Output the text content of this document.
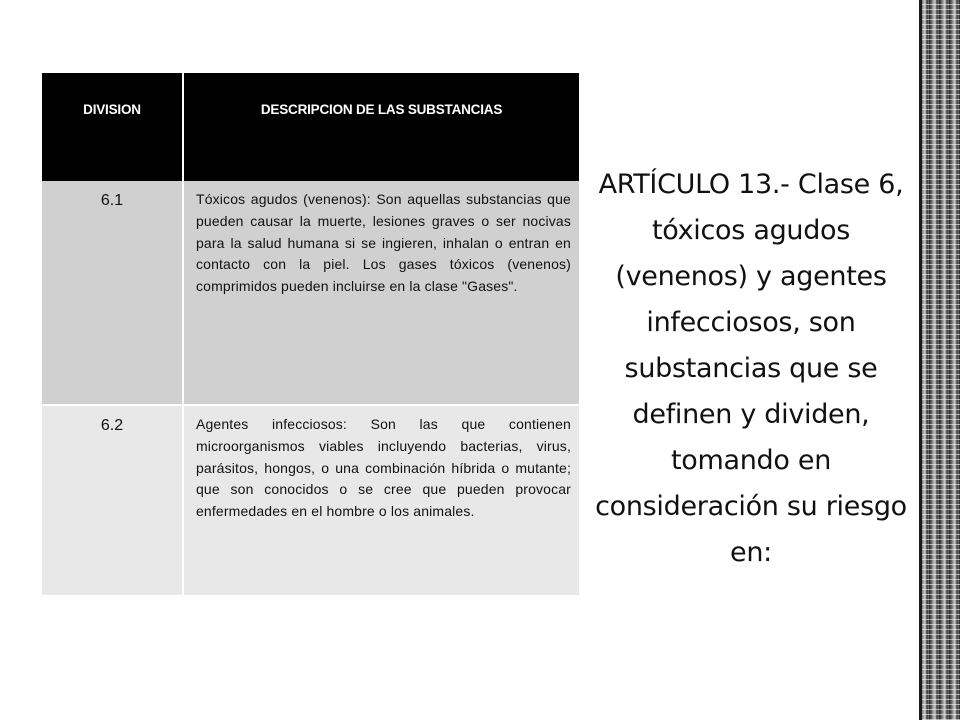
DIVISION	DESCRIPCION DE LAS SUBSTANCIAS
6.1	Tóxicos agudos (venenos): Son aquellas substancias que pueden causar la muerte, lesiones graves o ser nocivas para la salud humana si se ingieren, inhalan o entran en contacto con la piel. Los gases tóxicos (venenos) comprimidos pueden incluirse en la clase "Gases".
6.2	Agentes infecciosos: Son las que contienen microorganismos viables incluyendo bacterias, virus, parásitos, hongos, o una combinación híbrida o mutante; que son conocidos o se cree que pueden provocar enfermedades en el hombre o los animales.
ARTÍCULO 13.- Clase 6, tóxicos agudos (venenos) y agentes infecciosos, son substancias que se definen y dividen, tomando en consideración su riesgo en:
